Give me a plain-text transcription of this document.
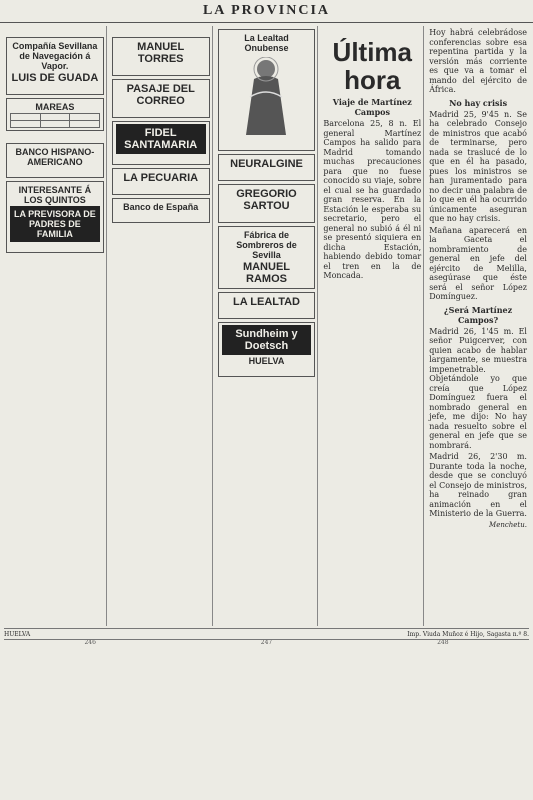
LA PROVINCIA

Compañía Sevillana de Navegación á Vapor.
LUIS DE GUADA

MAREAS

BANCO HISPANO-AMERICANO

INTERESANTE Á LOS QUINTOS
LA PREVISORA DE PADRES DE FAMILIA

MANUEL TORRES

PASAJE DEL CORREO

FIDEL SANTAMARIA

LA PECUARIA

Banco de España

La Lealtad Onubense

NEURALGINE

GREGORIO SARTOU

Fábrica de Sombreros de Sevilla
MANUEL RAMOS
LA LEALTAD

Sundheim y Doetsch
HUELVA

Última hora
Viaje de Martínez Campos
Barcelona 25, 8 n. El general Martínez Campos ha salido para Madrid tomando muchas precauciones para que no fuese conocido su viaje, sobre el cual se ha guardado gran reserva. En la Estación le esperaba su secretario, pero el general no subió á él ni se presentó siquiera en dicha Estación, habiendo debido tomar el tren en la de Moncada.
Hoy habrá celebrádose conferencias sobre esa repentina partida y la versión más corriente es que va a tomar el mando del ejército de África.
No hay crisis
Madrid 25, 9'45 n. Se ha celebrado Consejo de ministros que acabó de terminarse, pero nada se traslucé de lo que en él ha pasado, pues los ministros se han juramentado para no decir una palabra de lo que en él ha ocurrido únicamente aseguran que no hay crisis.
Mañana aparecerá en la Gaceta el nombramiento de general en jefe del ejército de Melilla, asegúrase que éste será el señor López Domínguez.
¿Será Martínez Campos?
Madrid 26, 1'45 m. El señor Puigcerver, con quien acabo de hablar largamente, se muestra impenetrable. Objetándole yo que creía que López Domínguez fuera el nombrado general en jefe, me dijo: No hay nada resuelto sobre el general en jefe que se nombrará.
Madrid 26, 2'30 m. Durante toda la noche, desde que se concluyó el Consejo de ministros, ha reinado gran animación en el Ministerio de la Guerra.
Menchetu.
HUELVA	Imp. Viuda Muñoz é Hijo, Sagasta n.º 8.
246
	247
	248
